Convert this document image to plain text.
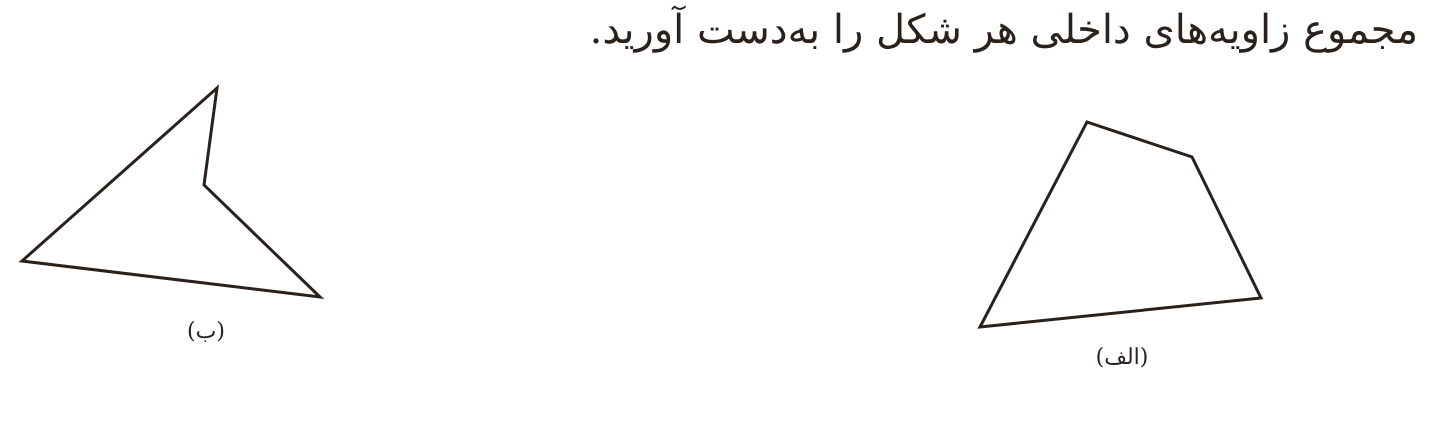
مجموع زاویه‌های داخلی هر شکل را به‌دست آورید.
(الف)
(ب)
